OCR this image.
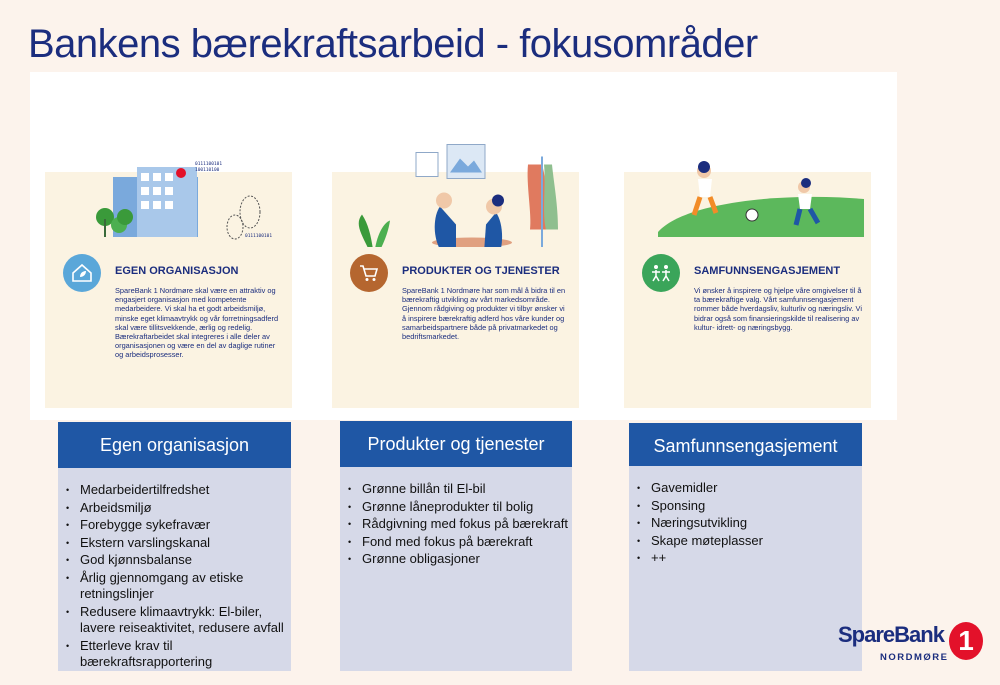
Bankens bærekraftsarbeid - fokusområder
0111100101
100110100
0111100101
EGEN ORGANISASJON
SpareBank 1 Nordmøre skal være en attraktiv og engasjert organisasjon med kompetente medarbeidere. Vi skal ha et godt arbeidsmiljø, minske eget klimaavtrykk og vår forretningsadferd skal være tillitsvekkende, ærlig og redelig. Bærekraftarbeidet skal integreres i alle deler av organisasjonen og være en del av daglige rutiner og arbeidsprosesser.
PRODUKTER OG TJENESTER
SpareBank 1 Nordmøre har som mål å bidra til en bærekraftig utvikling av vårt markedsområde. Gjennom rådgiving og produkter vi tilbyr ønsker vi å inspirere bærekraftig adferd hos våre kunder og samarbeidspartnere både på privatmarkedet og bedriftsmarkedet.
SAMFUNNSENGASJEMENT
Vi ønsker å inspirere og hjelpe våre omgivelser til å ta bærekraftige valg. Vårt samfunnsengasjement rommer både hverdagsliv, kulturliv og næringsliv. Vi bidrar også som finansieringskilde til realisering av kultur- idrett- og næringsbygg.
Egen organisasjon
• Medarbeidertilfredshet
• Arbeidsmiljø
• Forebygge sykefravær
• Ekstern varslingskanal
• God kjønnsbalanse
• Årlig gjennomgang av etiske retningslinjer
• Redusere klimaavtrykk: El-biler, lavere reiseaktivitet, redusere avfall
• Etterleve krav til bærekraftsrapportering
Produkter og tjenester
• Grønne billån til El-bil
• Grønne låneprodukter til bolig
• Rådgivning med fokus på bærekraft
• Fond med fokus på bærekraft
• Grønne obligasjoner
Samfunnsengasjement
• Gavemidler
• Sponsing
• Næringsutvikling
• Skape møteplasser
• ++
SpareBank
NORDMØRE
1
